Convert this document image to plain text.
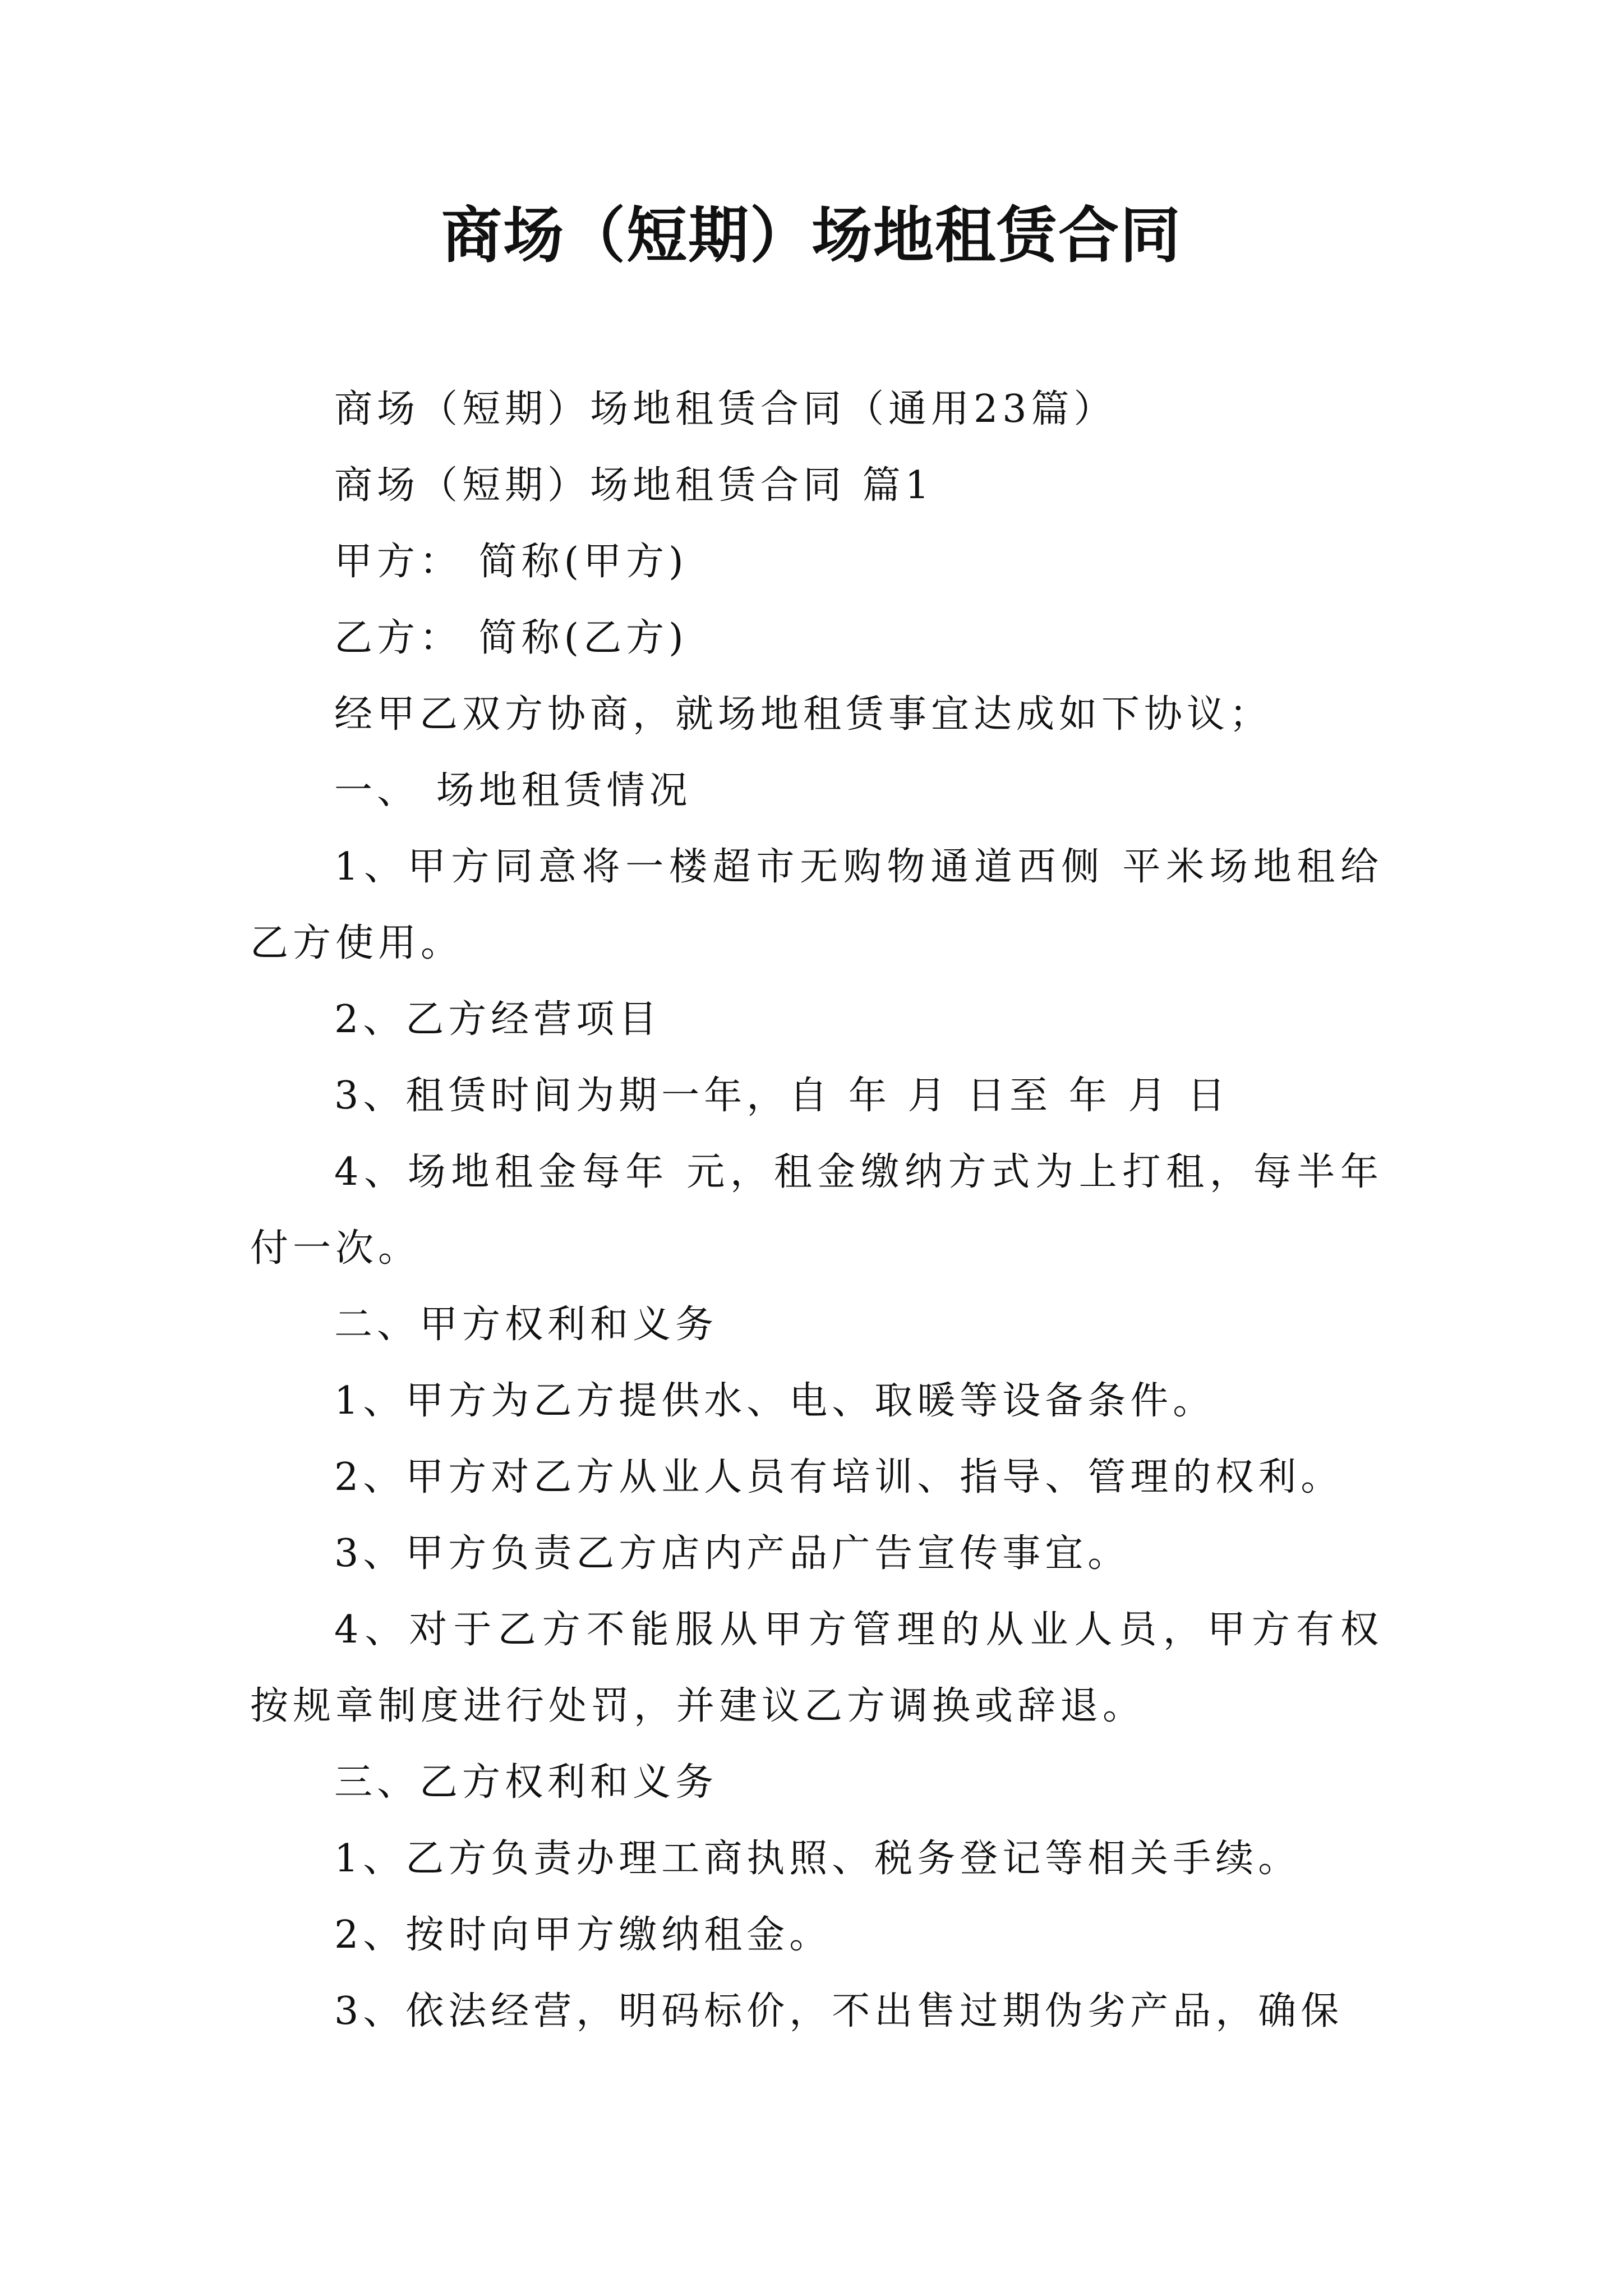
商场（短期）场地租赁合同

商场（短期）场地租赁合同（通用23篇）

商场（短期）场地租赁合同 篇1

甲方： 简称(甲方)

乙方： 简称(乙方)

经甲乙双方协商，就场地租赁事宜达成如下协议；

一、 场地租赁情况

1、甲方同意将一楼超市无购物通道西侧 平米场地租给乙方使用。

2、乙方经营项目

3、租赁时间为期一年，自 年 月 日至 年 月 日

4、场地租金每年 元，租金缴纳方式为上打租，每半年付一次。

二、甲方权利和义务

1、甲方为乙方提供水、电、取暖等设备条件。

2、甲方对乙方从业人员有培训、指导、管理的权利。

3、甲方负责乙方店内产品广告宣传事宜。

4、对于乙方不能服从甲方管理的从业人员，甲方有权按规章制度进行处罚，并建议乙方调换或辞退。

三、乙方权利和义务

1、乙方负责办理工商执照、税务登记等相关手续。

2、按时向甲方缴纳租金。

3、依法经营，明码标价，不出售过期伪劣产品，确保
